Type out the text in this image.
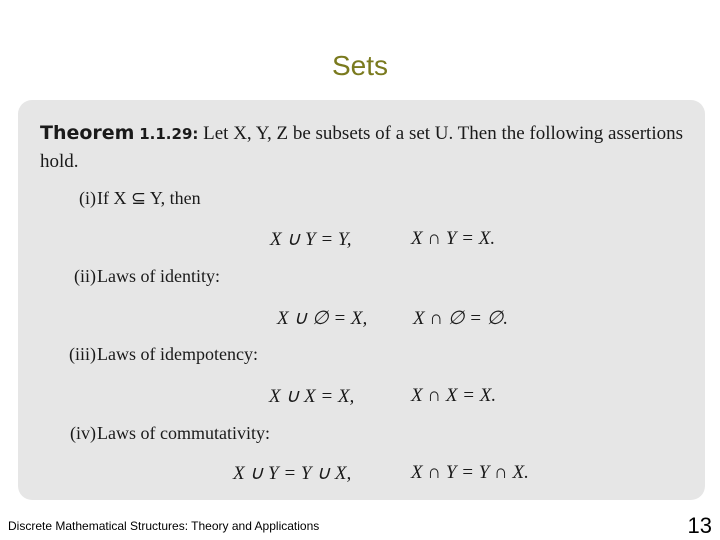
Sets
Theorem 1.1.29: Let X, Y, Z be subsets of a set U. Then the following assertions hold.
(i) If X ⊆ Y, then
X ∪ Y = Y,	X ∩ Y = X.
(ii) Laws of identity:
X ∪ ∅ = X, X ∩ ∅ = ∅.
(iii) Laws of idempotency:
X ∪ X = X,	X ∩ X = X.
(iv) Laws of commutativity:
X ∪ Y = Y ∪ X,	X ∩ Y = Y ∩ X.
Discrete Mathematical Structures: Theory and Applications	13
